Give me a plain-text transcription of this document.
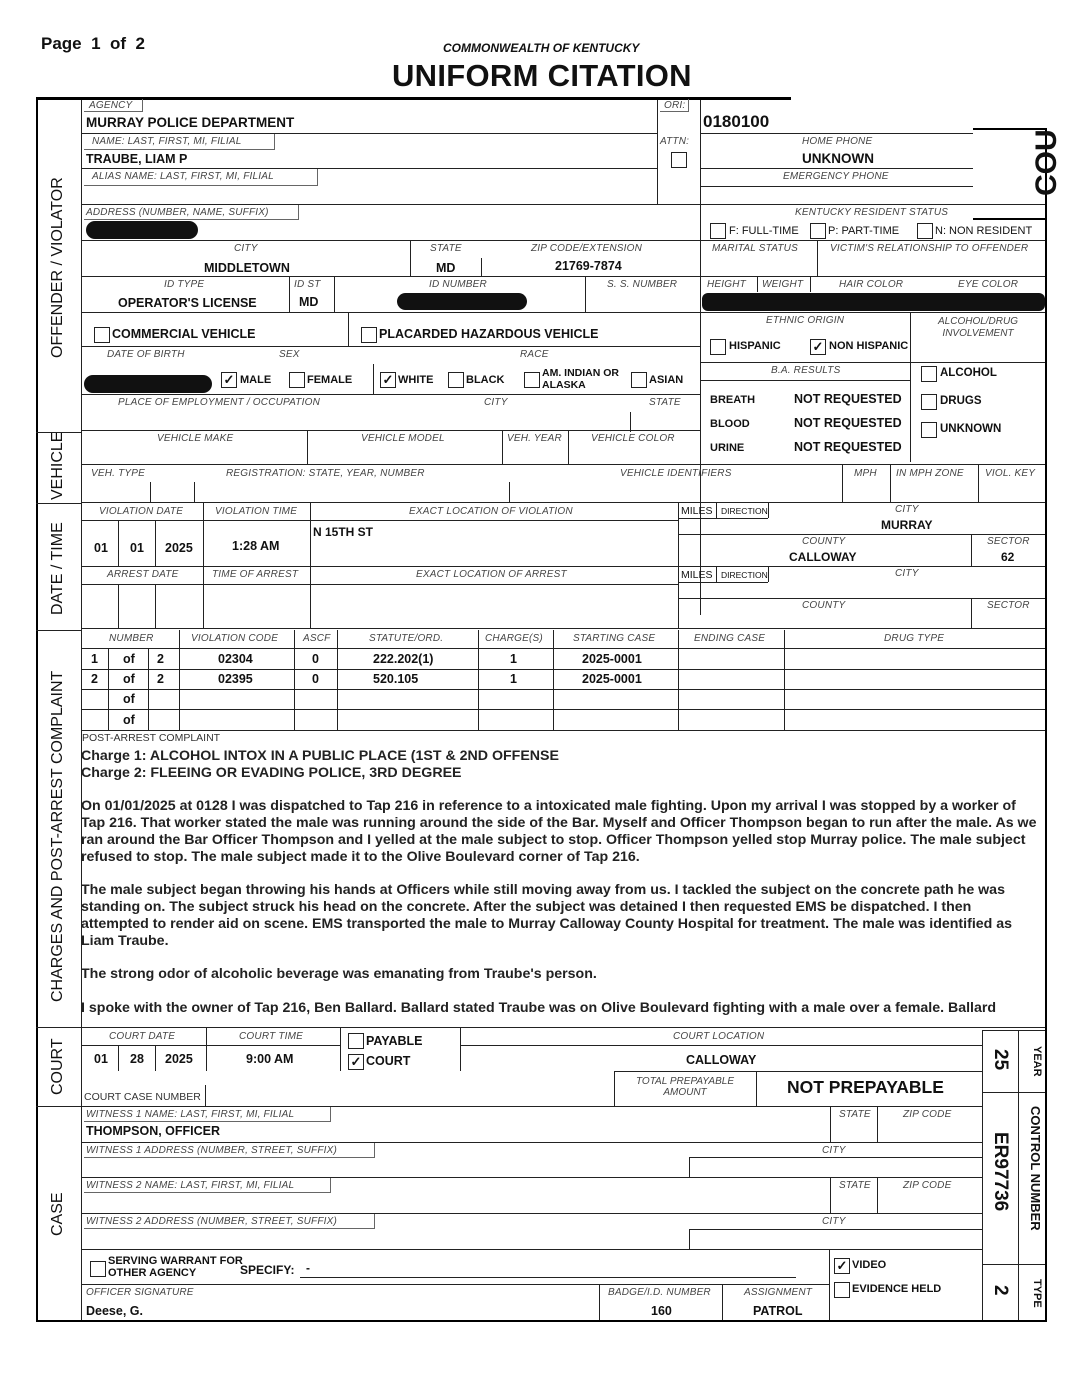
Page 1 of 2	COMMONWEALTH OF KENTUCKY
UNIFORM CITATION
COU
OFFENDER / VIOLATOR
VEHICLE
DATE / TIME
CHARGES AND POST-ARREST COMPLAINT
COURT
CASE
AGENCY
MURRAY POLICE DEPARTMENT
ORI:
0180100
NAME: LAST, FIRST, MI, FILIAL
TRAUBE, LIAM P
ATTN:	HOME PHONE
UNKNOWN
ALIAS NAME: LAST, FIRST, MI, FILIAL	EMERGENCY PHONE
ADDRESS (NUMBER, NAME, SUFFIX)	KENTUCKY RESIDENT STATUS
F: FULL-TIME	P: PART-TIME	N: NON RESIDENT
CITY
MIDDLETOWN
STATE
MD
ZIP CODE/EXTENSION
21769-7874
MARITAL STATUS	VICTIM'S RELATIONSHIP TO OFFENDER
ID TYPE
OPERATOR'S LICENSE
ID ST
MD
ID NUMBER	S. S. NUMBER	HEIGHT WEIGHT	HAIR COLOR	EYE COLOR
COMMERCIAL VEHICLE	PLACARDED HAZARDOUS VEHICLE
ETHNIC ORIGIN
HISPANIC ✓ NON HISPANIC
ALCOHOL/DRUG INVOLVEMENT
DATE OF BIRTH	SEX	RACE
✓ MALE	FEMALE ✓ WHITE	BLACK
AM. INDIAN OR ALASKA	ASIAN
PLACE OF EMPLOYMENT / OCCUPATION	CITY	STATE
B.A. RESULTS
BREATH	NOT REQUESTED
BLOOD	NOT REQUESTED
URINE	NOT REQUESTED
ALCOHOL
DRUGS
UNKNOWN
VEHICLE MAKE	VEHICLE MODEL	VEH. YEAR	VEHICLE COLOR
VEH. TYPE	REGISTRATION: STATE, YEAR, NUMBER	VEHICLE IDENTIFIERS	MPH IN MPH ZONE VIOL. KEY
VIOLATION DATE	VIOLATION TIME	EXACT LOCATION OF VIOLATION
01 01 2025	1:28 AM
N 15TH ST
MILES DIRECTION	CITY
MURRAY
COUNTY
CALLOWAY
SECTOR
62
ARREST DATE	TIME OF ARREST	EXACT LOCATION OF ARREST	MILES DIRECTION	CITY
COUNTY	SECTOR
NUMBER	VIOLATION CODE ASCF	STATUTE/ORD.	CHARGE(S)	STARTING CASE	ENDING CASE	DRUG TYPE
1 of 2	02304	0	222.202(1)	1	2025-0001
2 of 2	02395	0	520.105	1	2025-0001
of
of
POST-ARREST COMPLAINT
Charge 1: ALCOHOL INTOX IN A PUBLIC PLACE (1ST & 2ND OFFENSE
Charge 2: FLEEING OR EVADING POLICE, 3RD DEGREE

On 01/01/2025 at 0128 I was dispatched to Tap 216 in reference to a intoxicated male fighting. Upon my arrival I was stopped by a worker of Tap 216. That worker stated the male was running around the side of the Bar. Myself and Officer Thompson began to run after the male. As we ran around the Bar Officer Thompson and I yelled at the male subject to stop. Officer Thompson yelled stop Murray police. The male subject refused to stop. The male subject made it to the Olive Boulevard corner of Tap 216.

The male subject began throwing his hands at Officers while still moving away from us. I tackled the subject on the concrete path he was standing on. The subject struck his head on the concrete. After the subject was detained I then requested EMS be dispatched. I then attempted to render aid on scene. EMS transported the male to Murray Calloway County Hospital for treatment. The male was identified as Liam Traube.

The strong odor of alcoholic beverage was emanating from Traube's person.

I spoke with the owner of Tap 216, Ben Ballard. Ballard stated Traube was on Olive Boulevard fighting with a male over a female. Ballard

COURT DATE	COURT TIME
01 28 2025	9:00 AM
PAYABLE
✓ COURT
COURT LOCATION
CALLOWAY
TOTAL PREPAYABLE AMOUNT	NOT PREPAYABLE
COURT CASE NUMBER
WITNESS 1 NAME: LAST, FIRST, MI, FILIAL
THOMPSON, OFFICER
STATE	ZIP CODE
WITNESS 1 ADDRESS (NUMBER, STREET, SUFFIX)	CITY
WITNESS 2 NAME: LAST, FIRST, MI, FILIAL	STATE	ZIP CODE
WITNESS 2 ADDRESS (NUMBER, STREET, SUFFIX)	CITY
SERVING WARRANT FOR OTHER AGENCY	SPECIFY: -	✓ VIDEO
EVIDENCE HELD
OFFICER SIGNATURE
Deese, G.
BADGE/I.D. NUMBER
160
ASSIGNMENT
PATROL
25 YEAR
ER97736 CONTROL NUMBER
2 TYPE
